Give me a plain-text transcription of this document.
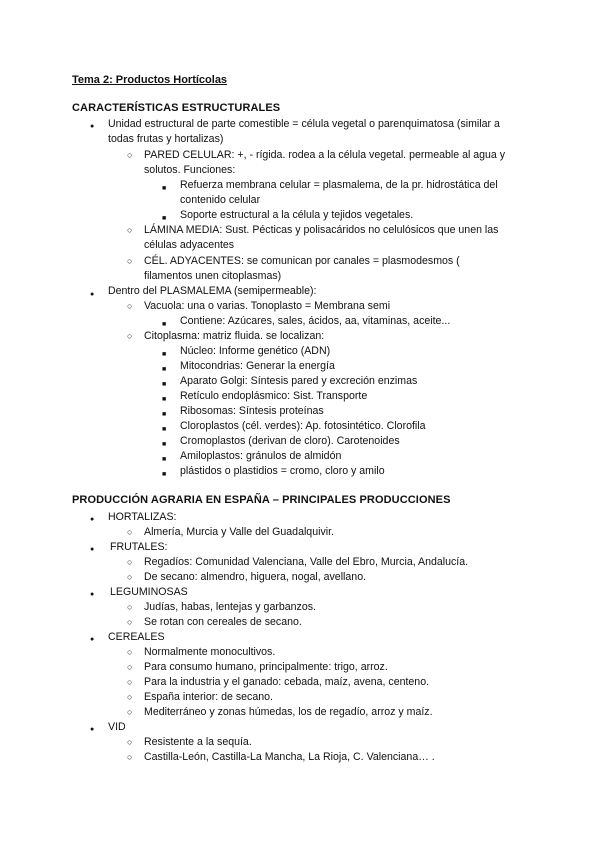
Tema 2: Productos Hortícolas
CARACTERÍSTICAS ESTRUCTURALES
●
Unidad estructural de parte comestible = célula vegetal o parenquimatosa (similar a
todas frutas y hortalizas)
○
PARED CELULAR: +, - rígida. rodea a la célula vegetal. permeable al agua y
solutos. Funciones:
■
Refuerza membrana celular = plasmalema, de la pr. hidrostática del
contenido celular
■
Soporte estructural a la célula y tejidos vegetales.
○
LÁMINA MEDIA: Sust. Pécticas y polisacáridos no celulósicos que unen las
células adyacentes
○
CÉL. ADYACENTES: se comunican por canales = plasmodesmos (
filamentos unen citoplasmas)
●
Dentro del PLASMALEMA (semipermeable):
○
Vacuola: una o varias. Tonoplasto = Membrana semi
■
Contiene: Azúcares, sales, ácidos, aa, vitaminas, aceite...
○
Citoplasma: matriz fluida. se localizan:
■
Núcleo: Informe genético (ADN)
■
Mitocondrias: Generar la energía
■
Aparato Golgi: Síntesis pared y excreción enzimas
■
Retículo endoplásmico: Sist. Transporte
■
Ribosomas: Síntesis proteínas
■
Cloroplastos (cél. verdes): Ap. fotosintético. Clorofila
■
Cromoplastos (derivan de cloro). Carotenoides
■
Amiloplastos: gránulos de almidón
■
plástidos o plastidios = cromo, cloro y amilo
PRODUCCIÓN AGRARIA EN ESPAÑA – PRINCIPALES PRODUCCIONES
●
HORTALIZAS:
○
Almería, Murcia y Valle del Guadalquivir.
●
FRUTALES:
○
Regadíos: Comunidad Valenciana, Valle del Ebro, Murcia, Andalucía.
○
De secano: almendro, higuera, nogal, avellano.
●
LEGUMINOSAS
○
Judías, habas, lentejas y garbanzos.
○
Se rotan con cereales de secano.
●
CEREALES
○
Normalmente monocultivos.
○
Para consumo humano, principalmente: trigo, arroz.
○
Para la industria y el ganado: cebada, maíz, avena, centeno.
○
España interior: de secano.
○
Mediterráneo y zonas húmedas, los de regadío, arroz y maíz.
●
VID
○
Resistente a la sequía.
○
Castilla-León, Castilla-La Mancha, La Rioja, C. Valenciana… .
